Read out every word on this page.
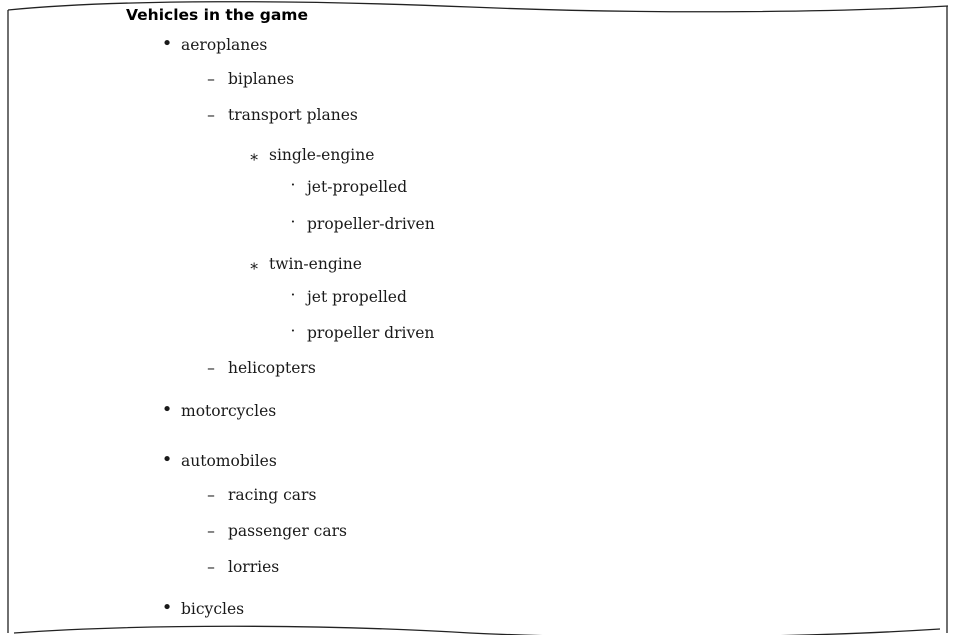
Vehicles in the game
• aeroplanes
– biplanes
– transport planes
∗ single-engine
· jet-propelled
· propeller-driven
∗ twin-engine
· jet propelled
· propeller driven
– helicopters
• motorcycles
• automobiles
– racing cars
– passenger cars
– lorries
• bicycles
